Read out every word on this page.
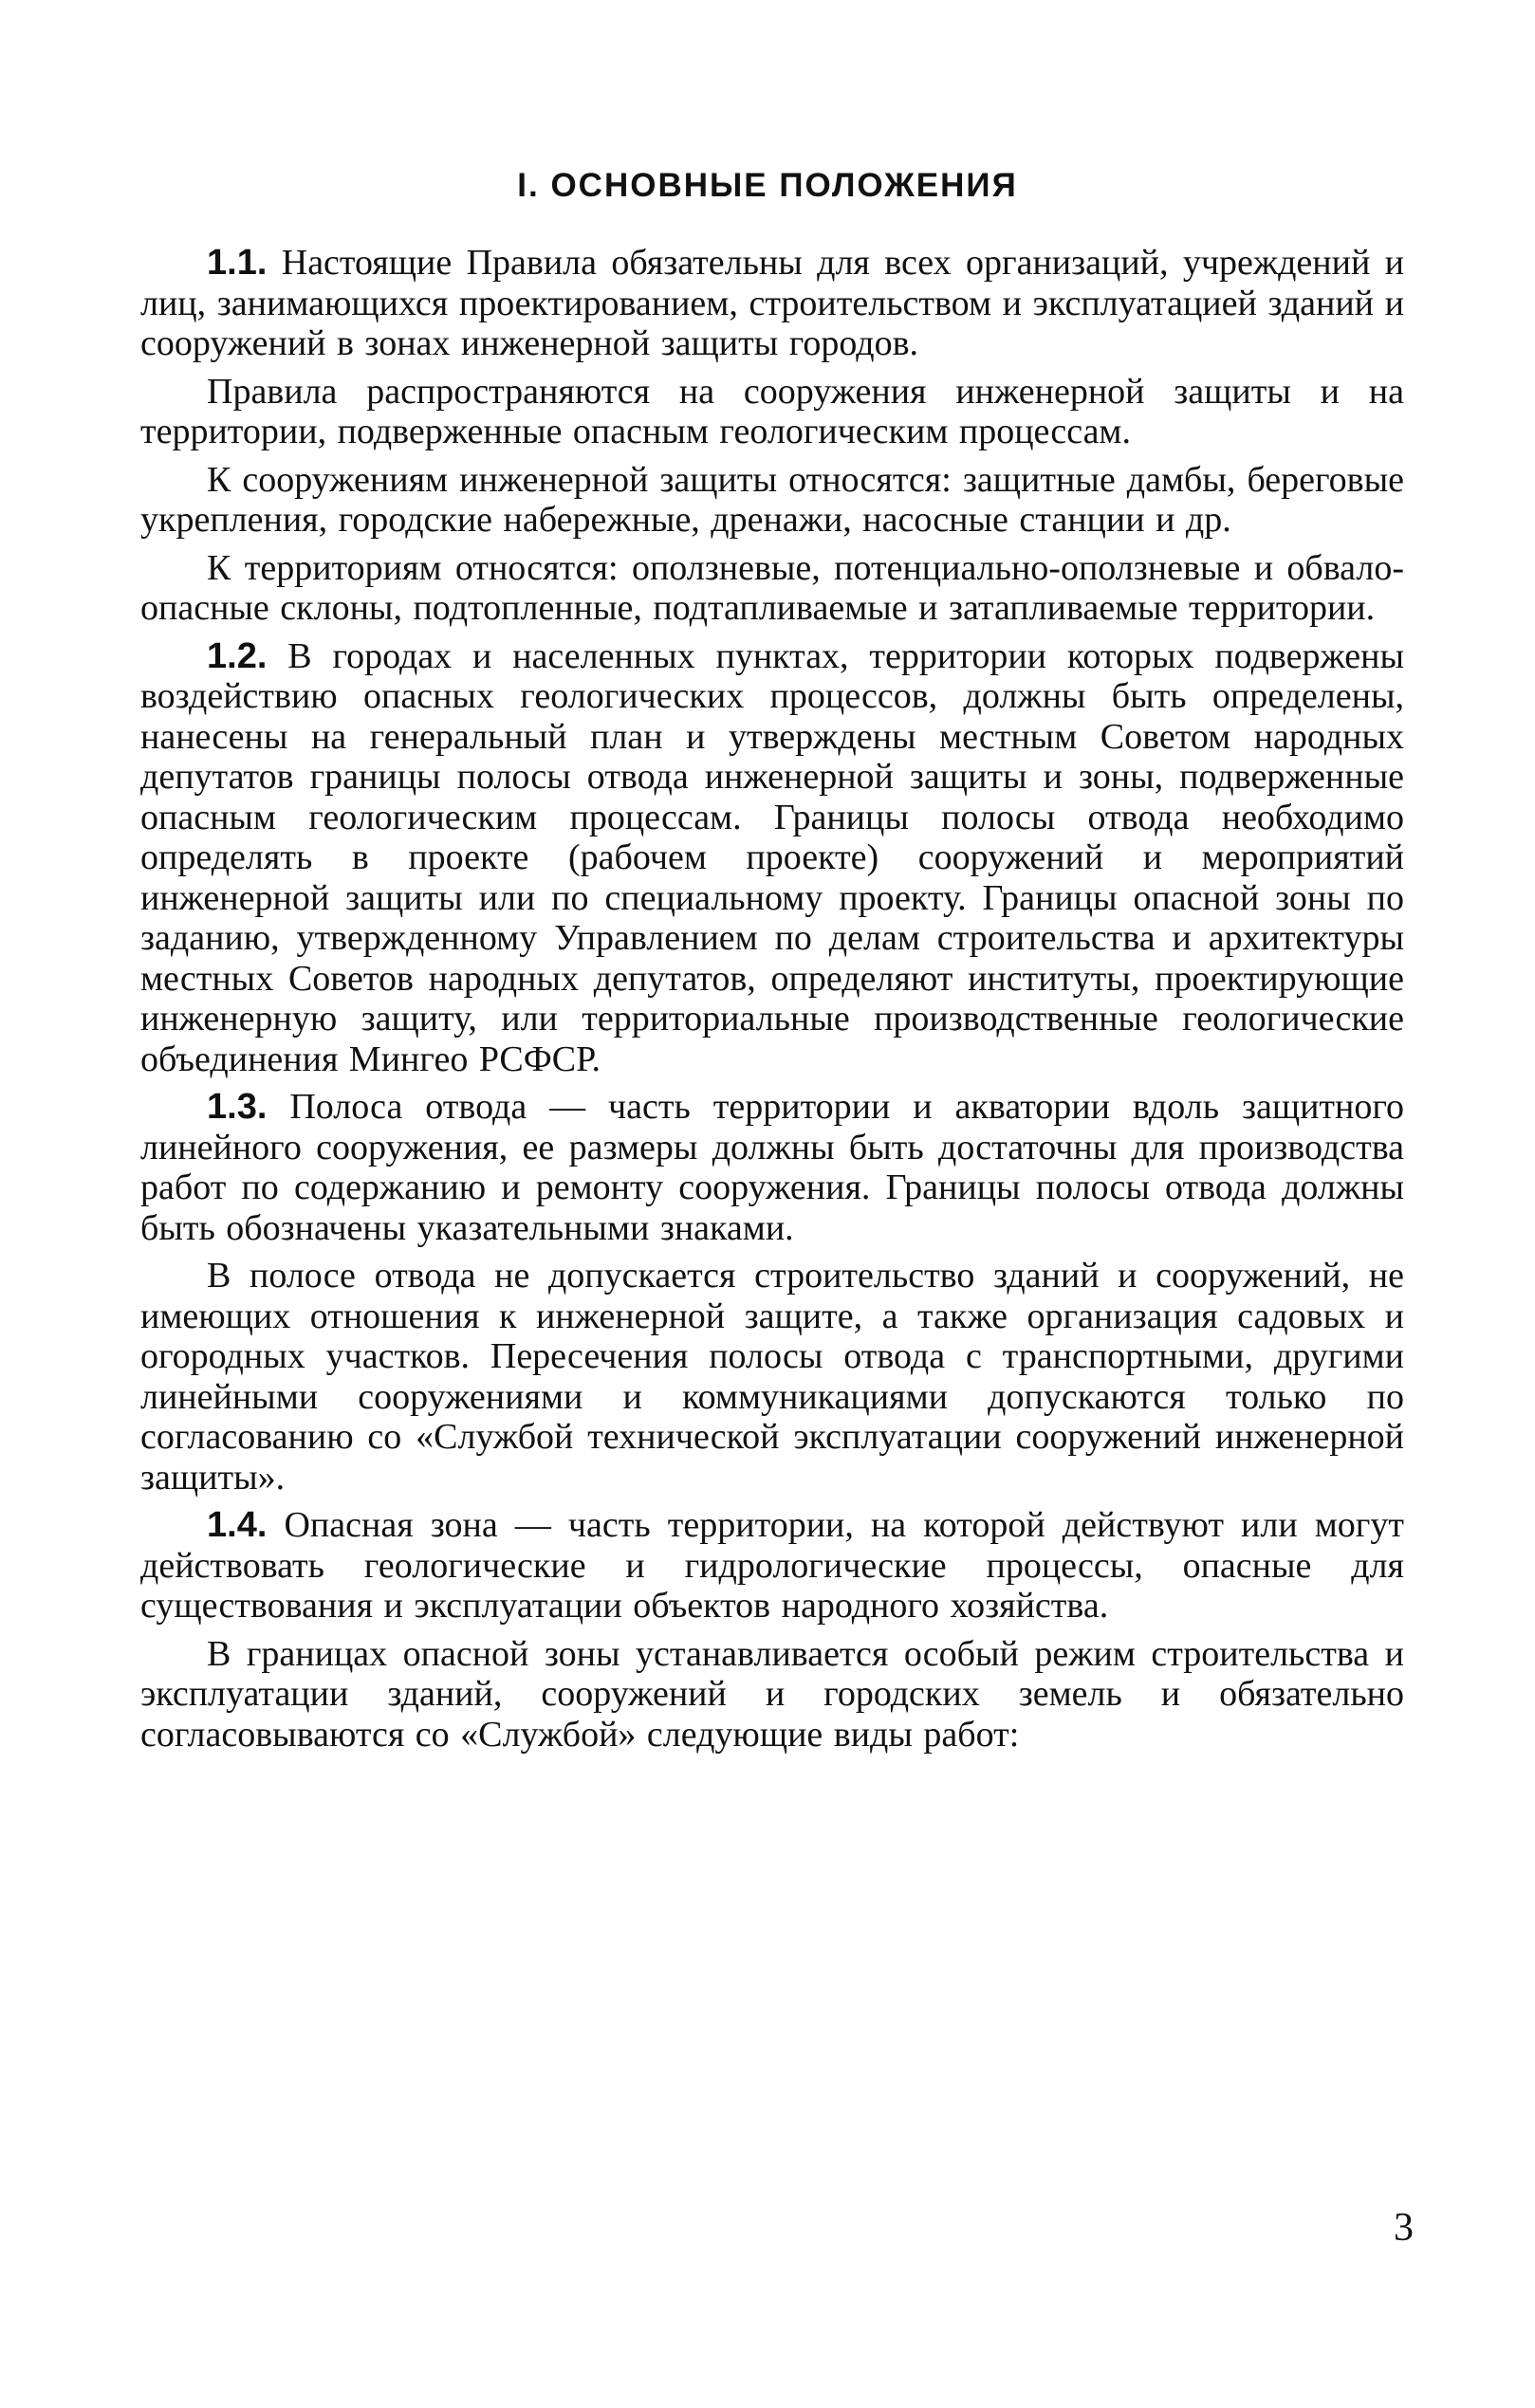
I. ОСНОВНЫЕ ПОЛОЖЕНИЯ

1.1. Настоящие Правила обязательны для всех организаций, учреждений и лиц, занимающихся проектированием, строительством и эксплуатацией зданий и сооружений в зонах инженерной защиты городов.

Правила распространяются на сооружения инженерной защиты и на территории, подверженные опасным геологическим процессам.

К сооружениям инженерной защиты относятся: защитные дамбы, береговые укрепления, городские набережные, дренажи, насосные станции и др.

К территориям относятся: оползневые, потенциально-оползневые и обвало-опасные склоны, подтопленные, подтапливаемые и затапливаемые территории.

1.2. В городах и населенных пунктах, территории которых подвержены воздействию опасных геологических процессов, должны быть определены, нанесены на генеральный план и утверждены местным Советом народных депутатов границы полосы отвода инженерной защиты и зоны, подверженные опасным геологическим процессам. Границы полосы отвода необходимо определять в проекте (рабочем проекте) сооружений и мероприятий инженерной защиты или по специальному проекту. Границы опасной зоны по заданию, утвержденному Управлением по делам строительства и архитектуры местных Советов народных депутатов, определяют институты, проектирующие инженерную защиту, или территориальные производственные геологические объединения Мингео РСФСР.

1.3. Полоса отвода — часть территории и акватории вдоль защитного линейного сооружения, ее размеры должны быть достаточны для производства работ по содержанию и ремонту сооружения. Границы полосы отвода должны быть обозначены указательными знаками.

В полосе отвода не допускается строительство зданий и сооружений, не имеющих отношения к инженерной защите, а также организация садовых и огородных участков. Пересечения полосы отвода с транспортными, другими линейными сооружениями и коммуникациями допускаются только по согласованию со «Службой технической эксплуатации сооружений инженерной защиты».

1.4. Опасная зона — часть территории, на которой действуют или могут действовать геологические и гидрологические процессы, опасные для существования и эксплуатации объектов народного хозяйства.

В границах опасной зоны устанавливается особый режим строительства и эксплуатации зданий, сооружений и городских земель и обязательно согласовываются со «Службой» следующие виды работ:

3
